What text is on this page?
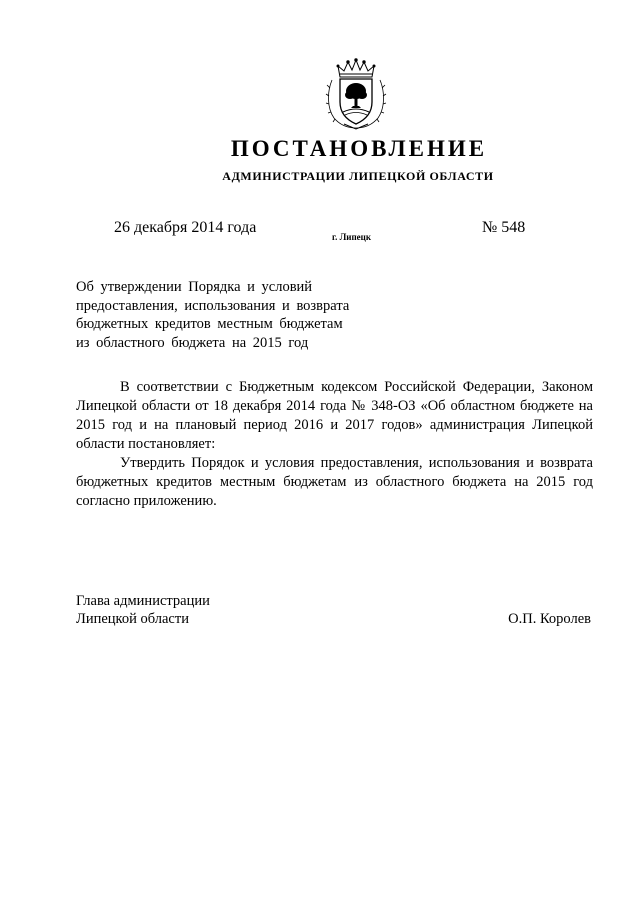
ПОСТАНОВЛЕНИЕ
АДМИНИСТРАЦИИ ЛИПЕЦКОЙ ОБЛАСТИ
26 декабря 2014 года
г. Липецк
№ 548
Об утверждении Порядка и условий
предоставления, использования и возврата
бюджетных кредитов местным бюджетам
из областного бюджета на 2015 год

В соответствии с Бюджетным кодексом Российской Федерации, Законом Липецкой области от 18 декабря 2014 года № 348-ОЗ «Об областном бюджете на 2015 год и на плановый период 2016 и 2017 годов» администрация Липецкой области постановляет:

Утвердить Порядок и условия предоставления, использования и возврата бюджетных кредитов местным бюджетам из областного бюджета на 2015 год согласно приложению.

Глава администрации
Липецкой области	О.П. Королев
